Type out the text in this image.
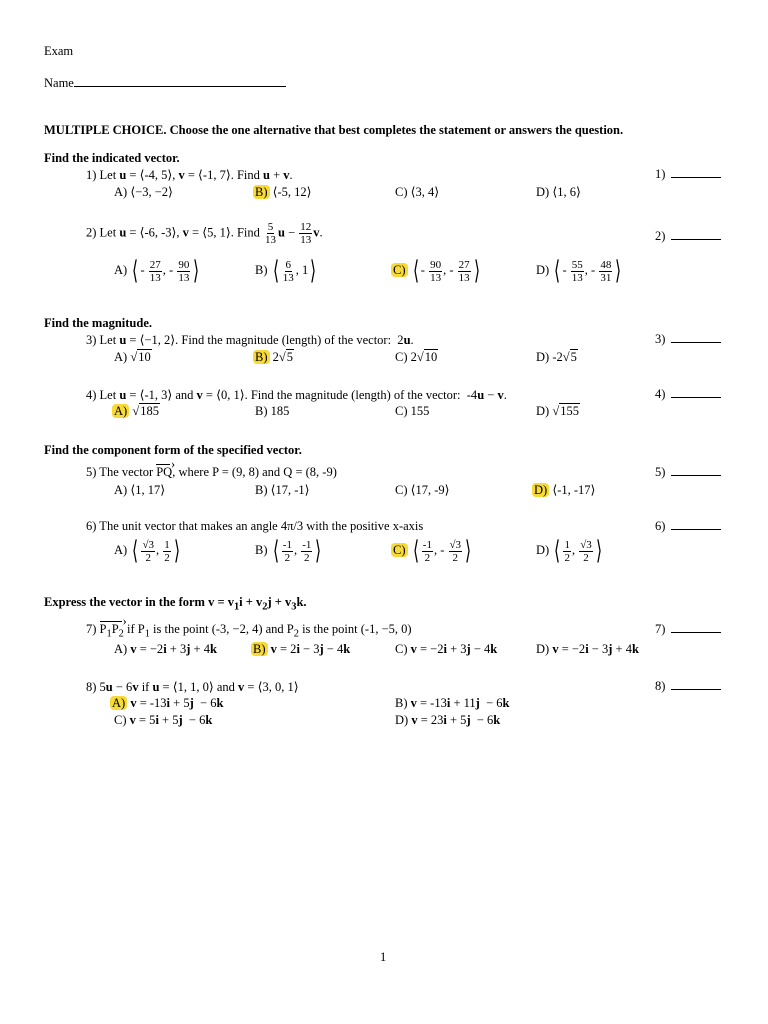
Exam
Name
MULTIPLE CHOICE. Choose the one alternative that best completes the statement or answers the question.
Find the indicated vector.
1) Let u = ⟨-4, 5⟩, v = ⟨-1, 7⟩. Find u + v.	1)
A) ⟨−3, −2⟩	B) ⟨-5, 12⟩	C) ⟨3, 4⟩	D) ⟨1, 6⟩
2) Let u = ⟨-6, -3⟩, v = ⟨5, 1⟩. Find $\frac{5}{13}$ $u - \frac{12}{13} v$.	2)
A) ⟨ - $\frac{27}{13}$ , - $\frac{90}{13}$ ⟩	B) ⟨ $\frac{6}{13}$ , 1⟩	C) ⟨ - $\frac{90}{13}$ , - $\frac{27}{13}$ ⟩	D) ⟨ - $\frac{55}{13}$ , - $\frac{48}{31}$ ⟩
Find the magnitude.
3) Let u = ⟨−1, 2⟩. Find the magnitude (length) of the vector:  2u.	3)
A) √10	B) 2√5	C) 2√10	D) -2√5
4) Let u = ⟨-1, 3⟩ and v = ⟨0, 1⟩. Find the magnitude (length) of the vector:  -4u − v.	4)
A) √185	B) 185	C) 155	D) √155
Find the component form of the specified vector.
5) The vector PQ ›, where P = (9, 8) and Q = (8, -9)	5)
A) ⟨1, 17⟩	B) ⟨17, -1⟩	C) ⟨17, -9⟩	D) ⟨-1, -17⟩
6) The unit vector that makes an angle 4π/3 with the positive x-axis	6)
A) ⟨ $\frac{√3}{2}$ , $\frac{1}{2}$ ⟩	B) ⟨ $\frac{-1}{2}$ , $\frac{-1}{2}$ ⟩	C) ⟨ $\frac{-1}{2}$ , - $\frac{√3}{2}$ ⟩	D) ⟨ $\frac{1}{2}$ , $\frac{√3}{2}$ ⟩
Express the vector in the form $v = v_1i + v_2j + v_3k$.
7) $P_1P_2$ › if $P_1$ is the point (-3, −2, 4) and $P_2$ is the point (-1, −5, 0)	7)
A) v = −2i + 3j + 4k	B) v = 2i − 3j − 4k	C) v = −2i + 3j − 4k	D) v = −2i − 3j + 4k
8) 5u − 6v if u = ⟨1, 1, 0⟩ and v = ⟨3, 0, 1⟩	8)
A) v = -13i + 5j  − 6k	B) v = -13i + 11j  − 6k
C) v = 5i + 5j  − 6k	D) v = 23i + 5j  − 6k
1
